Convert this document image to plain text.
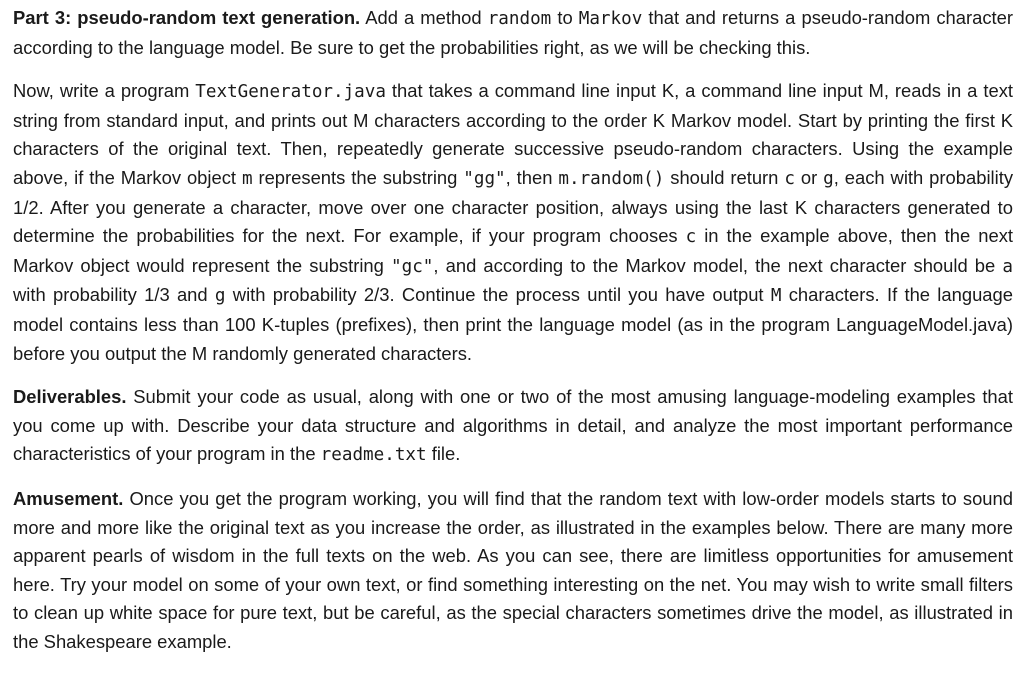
Part 3: pseudo-random text generation. Add a method random to Markov that and returns a pseudo-random character according to the language model. Be sure to get the probabilities right, as we will be checking this.

Now, write a program TextGenerator.java that takes a command line input K, a command line input M, reads in a text string from standard input, and prints out M characters according to the order K Markov model. Start by printing the first K characters of the original text. Then, repeatedly generate successive pseudo-random characters. Using the example above, if the Markov object m represents the substring "gg", then m.random() should return c or g, each with probability 1/2. After you generate a character, move over one character position, always using the last K characters generated to determine the probabilities for the next. For example, if your program chooses c in the example above, then the next Markov object would represent the substring "gc", and according to the Markov model, the next character should be a with probability 1/3 and g with probability 2/3. Continue the process until you have output M characters. If the language model contains less than 100 K-tuples (prefixes), then print the language model (as in the program LanguageModel.java) before you output the M randomly generated characters.

Deliverables. Submit your code as usual, along with one or two of the most amusing language-modeling examples that you come up with. Describe your data structure and algorithms in detail, and analyze the most important performance characteristics of your program in the readme.txt file.

Amusement. Once you get the program working, you will find that the random text with low-order models starts to sound more and more like the original text as you increase the order, as illustrated in the examples below. There are many more apparent pearls of wisdom in the full texts on the web. As you can see, there are limitless opportunities for amusement here. Try your model on some of your own text, or find something interesting on the net. You may wish to write small filters to clean up white space for pure text, but be careful, as the special characters sometimes drive the model, as illustrated in the Shakespeare example.
